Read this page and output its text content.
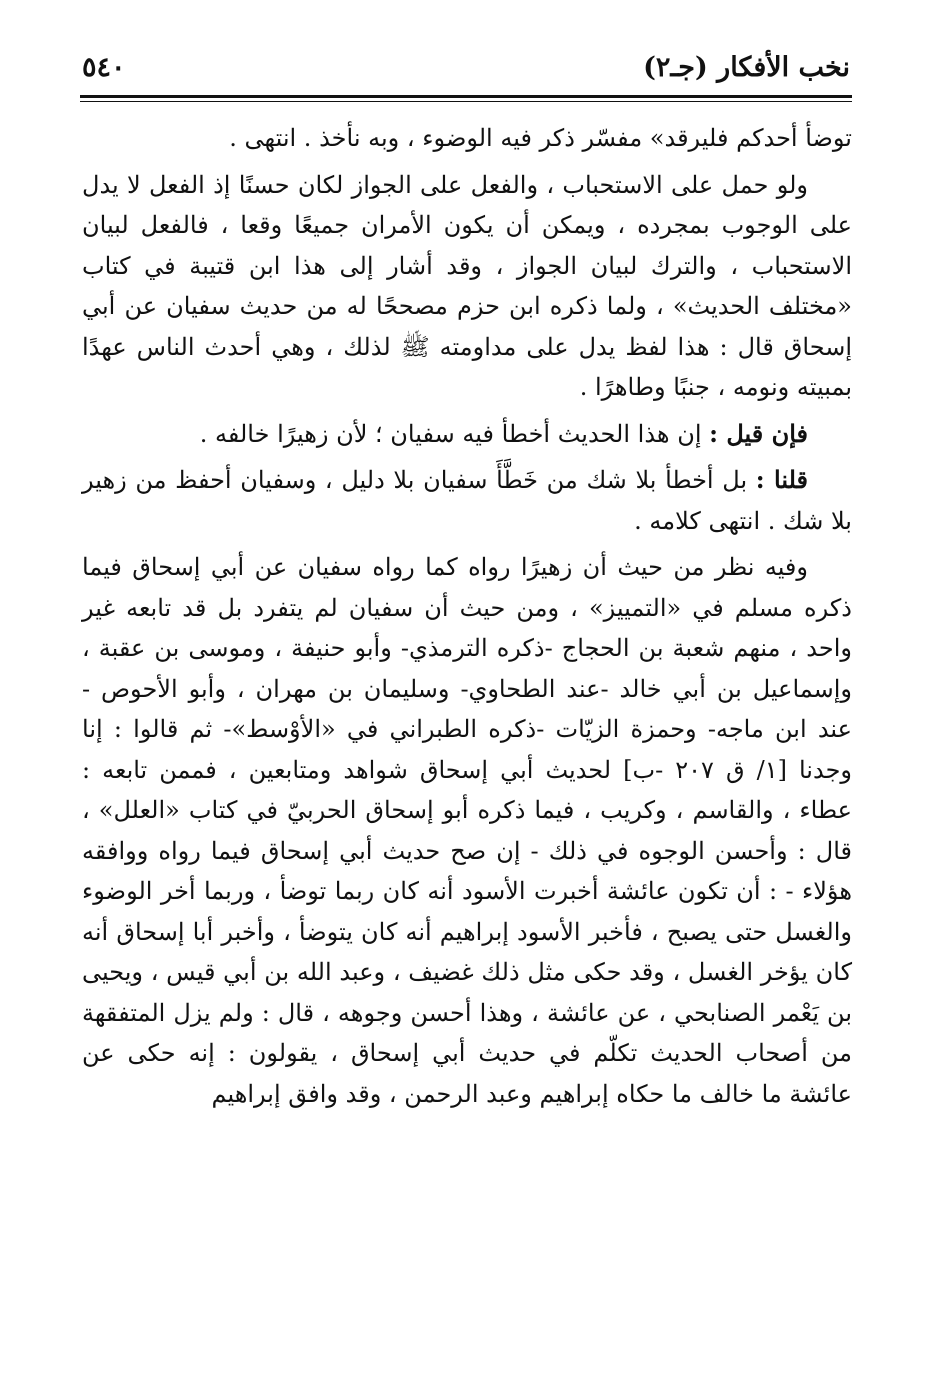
نخب الأفكار (جـ٢)
٥٤٠

توضأ أحدكم فليرقد» مفسّر ذكر فيه الوضوء ، وبه نأخذ . انتهى .

ولو حمل على الاستحباب ، والفعل على الجواز لكان حسنًا إذ الفعل لا يدل على الوجوب بمجرده ، ويمكن أن يكون الأمران جميعًا وقعا ، فالفعل لبيان الاستحباب ، والترك لبيان الجواز ، وقد أشار إلى هذا ابن قتيبة في كتاب «مختلف الحديث» ، ولما ذكره ابن حزم مصححًا له من حديث سفيان عن أبي إسحاق قال : هذا لفظ يدل على مداومته ﷺ لذلك ، وهي أحدث الناس عهدًا بمبيته ونومه ، جنبًا وطاهرًا .

فإن قيل : إن هذا الحديث أخطأ فيه سفيان ؛ لأن زهيرًا خالفه .

قلنا : بل أخطأ بلا شك من خَطَّأَ سفيان بلا دليل ، وسفيان أحفظ من زهير بلا شك . انتهى كلامه .

وفيه نظر من حيث أن زهيرًا رواه كما رواه سفيان عن أبي إسحاق فيما ذكره مسلم في «التمييز» ، ومن حيث أن سفيان لم يتفرد بل قد تابعه غير واحد ، منهم شعبة بن الحجاج -ذكره الترمذي- وأبو حنيفة ، وموسى بن عقبة ، وإسماعيل بن أبي خالد -عند الطحاوي- وسليمان بن مهران ، وأبو الأحوص - عند ابن ماجه- وحمزة الزيّات -ذكره الطبراني في «الأوْسط»- ثم قالوا : إنا وجدنا [١/ ق ٢٠٧ -ب] لحديث أبي إسحاق شواهد ومتابعين ، فممن تابعه : عطاء ، والقاسم ، وكريب ، فيما ذكره أبو إسحاق الحربيّ في كتاب «العلل» ، قال : وأحسن الوجوه في ذلك - إن صح حديث أبي إسحاق فيما رواه ووافقه هؤلاء - : أن تكون عائشة أخبرت الأسود أنه كان ربما توضأ ، وربما أخر الوضوء والغسل حتى يصبح ، فأخبر الأسود إبراهيم أنه كان يتوضأ ، وأخبر أبا إسحاق أنه كان يؤخر الغسل ، وقد حكى مثل ذلك غضيف ، وعبد الله بن أبي قيس ، ويحيى بن يَعْمر الصنابحي ، عن عائشة ، وهذا أحسن وجوهه ، قال : ولم يزل المتفقهة من أصحاب الحديث تكلّم في حديث أبي إسحاق ، يقولون : إنه حكى عن عائشة ما خالف ما حكاه إبراهيم وعبد الرحمن ، وقد وافق إبراهيم
